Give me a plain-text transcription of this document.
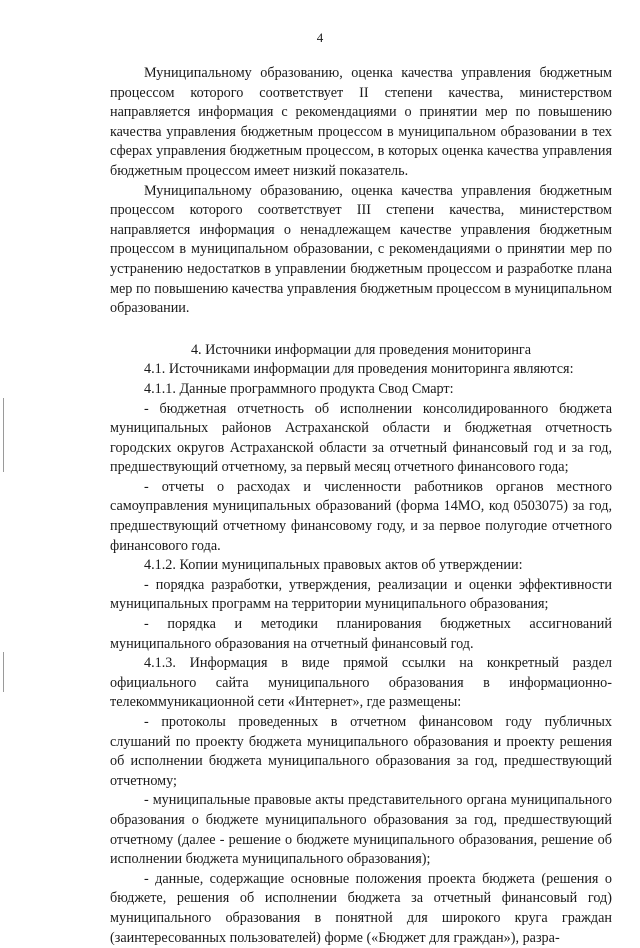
4

Муниципальному образованию, оценка качества управления бюджетным процессом которого соответствует II степени качества, министерством направляется информация с рекомендациями о принятии мер по повышению качества управления бюджетным процессом в муниципальном образовании в тех сферах управления бюджетным процессом, в которых оценка качества управления бюджетным процессом имеет низкий показатель.

Муниципальному образованию, оценка качества управления бюджетным процессом которого соответствует III степени качества, министерством направляется информация о ненадлежащем качестве управления бюджетным процессом в муниципальном образовании, с рекомендациями о принятии мер по устранению недостатков в управлении бюджетным процессом и разработке плана мер по повышению качества управления бюджетным процессом в муниципальном образовании.

4. Источники информации для проведения мониторинга

4.1. Источниками информации для проведения мониторинга являются:

4.1.1. Данные программного продукта Свод Смарт:

- бюджетная отчетность об исполнении консолидированного бюджета муниципальных районов Астраханской области и бюджетная отчетность городских округов Астраханской области за отчетный финансовый год и за год, предшествующий отчетному, за первый месяц отчетного финансового года;

- отчеты о расходах и численности работников органов местного самоуправления муниципальных образований (форма 14МО, код 0503075) за год, предшествующий отчетному финансовому году, и за первое полугодие отчетного финансового года.

4.1.2. Копии муниципальных правовых актов об утверждении:

- порядка разработки, утверждения, реализации и оценки эффективности муниципальных программ на территории муниципального образования;

- порядка и методики планирования бюджетных ассигнований муниципального образования на отчетный финансовый год.

4.1.3. Информация в виде прямой ссылки на конкретный раздел официального сайта муниципального образования в информационно-телекоммуникационной сети «Интернет», где размещены:

- протоколы проведенных в отчетном финансовом году публичных слушаний по проекту бюджета муниципального образования и проекту решения об исполнении бюджета муниципального образования за год, предшествующий отчетному;

- муниципальные правовые акты представительного органа муниципального образования о бюджете муниципального образования за год, предшествующий отчетному (далее - решение о бюджете муниципального образования, решение об исполнении бюджета муниципального образования);

- данные, содержащие основные положения проекта бюджета (решения о бюджете, решения об исполнении бюджета за отчетный финансовый год) муниципального образования в понятной для широкого круга граждан (заинтересованных пользователей) форме («Бюджет для граждан»), разра-
